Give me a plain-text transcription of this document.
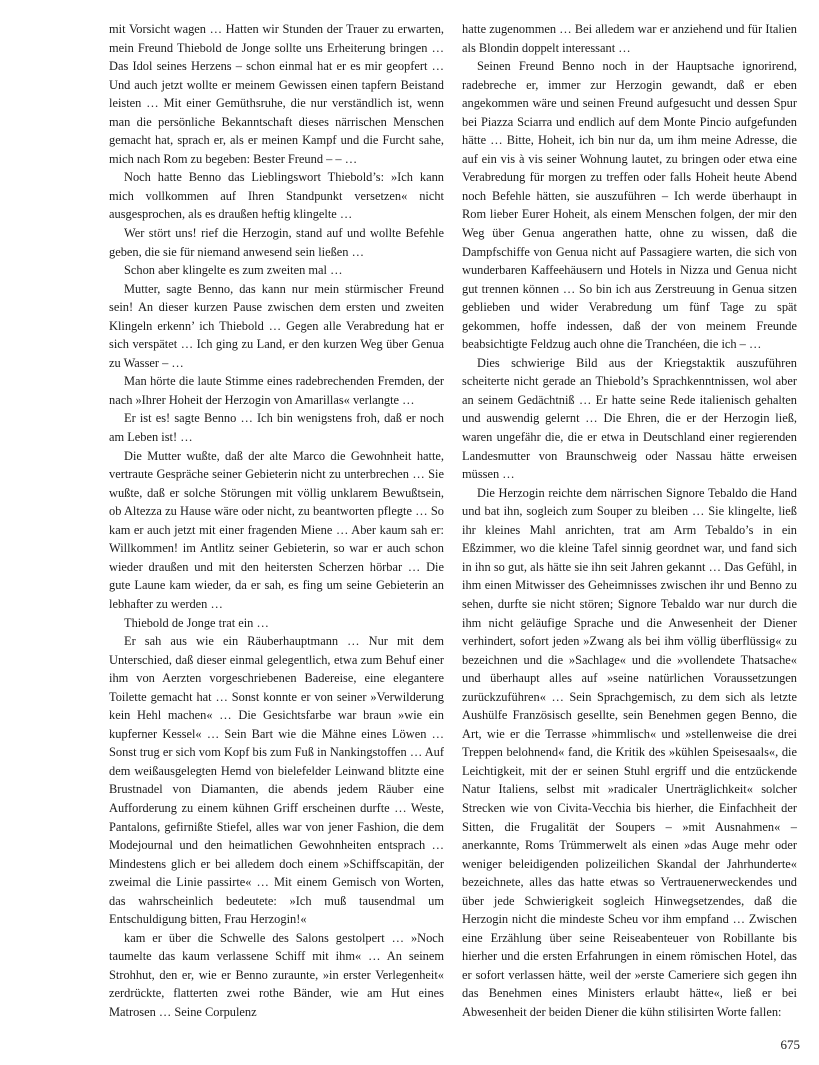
mit Vorsicht wagen … Hatten wir Stunden der Trauer zu erwarten, mein Freund Thiebold de Jonge sollte uns Erheiterung bringen … Das Idol seines Herzens – schon einmal hat er es mir geopfert … Und auch jetzt wollte er meinem Gewissen einen tapfern Beistand leisten … Mit einer Gemüthsruhe, die nur verständlich ist, wenn man die persönliche Bekanntschaft dieses närrischen Menschen gemacht hat, sprach er, als er meinen Kampf und die Furcht sahe, mich nach Rom zu begeben: Bester Freund – – …

Noch hatte Benno das Lieblingswort Thiebold’s: »Ich kann mich vollkommen auf Ihren Standpunkt versetzen« nicht ausgesprochen, als es draußen heftig klingelte …

Wer stört uns! rief die Herzogin, stand auf und wollte Befehle geben, die sie für niemand anwesend sein ließen …

Schon aber klingelte es zum zweiten mal …

Mutter, sagte Benno, das kann nur mein stürmischer Freund sein! An dieser kurzen Pause zwischen dem ersten und zweiten Klingeln erkenn’ ich Thiebold … Gegen alle Verabredung hat er sich verspätet … Ich ging zu Land, er den kurzen Weg über Genua zu Wasser – …

Man hörte die laute Stimme eines radebrechenden Fremden, der nach »Ihrer Hoheit der Herzogin von Amarillas« verlangte …

Er ist es! sagte Benno … Ich bin wenigstens froh, daß er noch am Leben ist! …

Die Mutter wußte, daß der alte Marco die Gewohnheit hatte, vertraute Gespräche seiner Gebieterin nicht zu unterbrechen … Sie wußte, daß er solche Störungen mit völlig unklarem Bewußtsein, ob Altezza zu Hause wäre oder nicht, zu beantworten pflegte … So kam er auch jetzt mit einer fragenden Miene … Aber kaum sah er: Willkommen! im Antlitz seiner Gebieterin, so war er auch schon wieder draußen und mit den heitersten Scherzen hörbar … Die gute Laune kam wieder, da er sah, es fing um seine Gebieterin an lebhafter zu werden …

Thiebold de Jonge trat ein …

Er sah aus wie ein Räuberhauptmann … Nur mit dem Unterschied, daß dieser einmal gelegentlich, etwa zum Behuf einer ihm von Aerzten vorgeschriebenen Badereise, eine elegantere Toilette gemacht hat … Sonst konnte er von seiner »Verwilderung kein Hehl machen« … Die Gesichtsfarbe war braun »wie ein kupferner Kessel« … Sein Bart wie die Mähne eines Löwen … Sonst trug er sich vom Kopf bis zum Fuß in Nankingstoffen … Auf dem weißausgelegten Hemd von bielefelder Leinwand blitzte eine Brustnadel von Diamanten, die abends jedem Räuber eine Aufforderung zu einem kühnen Griff erscheinen durfte … Weste, Pantalons, gefirnißte Stiefel, alles war von jener Fashion, die dem Modejournal und den heimatlichen Gewohnheiten entsprach … Mindestens glich er bei alledem doch einem »Schiffscapitän, der zweimal die Linie passirte« … Mit einem Gemisch von Worten, das wahrscheinlich bedeutete: »Ich muß tausendmal um Entschuldigung bitten, Frau Herzogin!«

kam er über die Schwelle des Salons gestolpert … »Noch taumelte das kaum verlassene Schiff mit ihm« … An seinem Strohhut, den er, wie er Benno zuraunte, »in erster Verlegenheit« zerdrückte, flatterten zwei rothe Bänder, wie am Hut eines Matrosen … Seine Corpulenz

hatte zugenommen … Bei alledem war er anziehend und für Italien als Blondin doppelt interessant …

Seinen Freund Benno noch in der Hauptsache ignorirend, radebreche er, immer zur Herzogin gewandt, daß er eben angekommen wäre und seinen Freund aufgesucht und dessen Spur bei Piazza Sciarra und endlich auf dem Monte Pincio aufgefunden hätte … Bitte, Hoheit, ich bin nur da, um ihm meine Adresse, die auf ein vis à vis seiner Wohnung lautet, zu bringen oder etwa eine Verabredung für morgen zu treffen oder falls Hoheit heute Abend noch Befehle hätten, sie auszuführen – Ich werde überhaupt in Rom lieber Eurer Hoheit, als einem Menschen folgen, der mir den Weg über Genua angerathen hatte, ohne zu wissen, daß die Dampfschiffe von Genua nicht auf Passagiere warten, die sich von wunderbaren Kaffeehäusern und Hotels in Nizza und Genua nicht gut trennen können … So bin ich aus Zerstreuung in Genua sitzen geblieben und wider Verabredung um fünf Tage zu spät gekommen, hoffe indessen, daß der von meinem Freunde beabsichtigte Feldzug auch ohne die Tranchéen, die ich – …

Dies schwierige Bild aus der Kriegstaktik auszuführen scheiterte nicht gerade an Thiebold’s Sprachkenntnissen, wol aber an seinem Gedächtniß … Er hatte seine Rede italienisch gehalten und auswendig gelernt … Die Ehren, die er der Herzogin ließ, waren ungefähr die, die er etwa in Deutschland einer regierenden Landesmutter von Braunschweig oder Nassau hätte erweisen müssen …

Die Herzogin reichte dem närrischen Signore Tebaldo die Hand und bat ihn, sogleich zum Souper zu bleiben … Sie klingelte, ließ ihr kleines Mahl anrichten, trat am Arm Tebaldo’s in ein Eßzimmer, wo die kleine Tafel sinnig geordnet war, und fand sich in ihn so gut, als hätte sie ihn seit Jahren gekannt … Das Gefühl, in ihm einen Mitwisser des Geheimnisses zwischen ihr und Benno zu sehen, durfte sie nicht stören; Signore Tebaldo war nur durch die ihm nicht geläufige Sprache und die Anwesenheit der Diener verhindert, sofort jeden »Zwang als bei ihm völlig überflüssig« zu bezeichnen und die »Sachlage« und die »vollendete Thatsache« und überhaupt alles auf »seine natürlichen Voraussetzungen zurückzuführen« … Sein Sprachgemisch, zu dem sich als letzte Aushülfe Französisch gesellte, sein Benehmen gegen Benno, die Art, wie er die Terrasse »himmlisch« und »stellenweise die drei Treppen belohnend« fand, die Kritik des »kühlen Speisesaals«, die Leichtigkeit, mit der er seinen Stuhl ergriff und die entzückende Natur Italiens, selbst mit »radicaler Unerträglichkeit« solcher Strecken wie von Civita-Vecchia bis hierher, die Einfachheit der Sitten, die Frugalität der Soupers – »mit Ausnahmen« – anerkannte, Roms Trümmerwelt als einen »das Auge mehr oder weniger beleidigenden polizeilichen Skandal der Jahrhunderte« bezeichnete, alles das hatte etwas so Vertrauenerweckendes und über jede Schwierigkeit sogleich Hinwegsetzendes, daß die Herzogin nicht die mindeste Scheu vor ihm empfand … Zwischen eine Erzählung über seine Reiseabenteuer von Robillante bis hierher und die ersten Erfahrungen in einem römischen Hotel, das er sofort verlassen hätte, weil der »erste Cameriere sich gegen ihn das Benehmen eines Ministers erlaubt hätte«, ließ er bei Abwesenheit der beiden Diener die kühn stilisirten Worte fallen:

675
